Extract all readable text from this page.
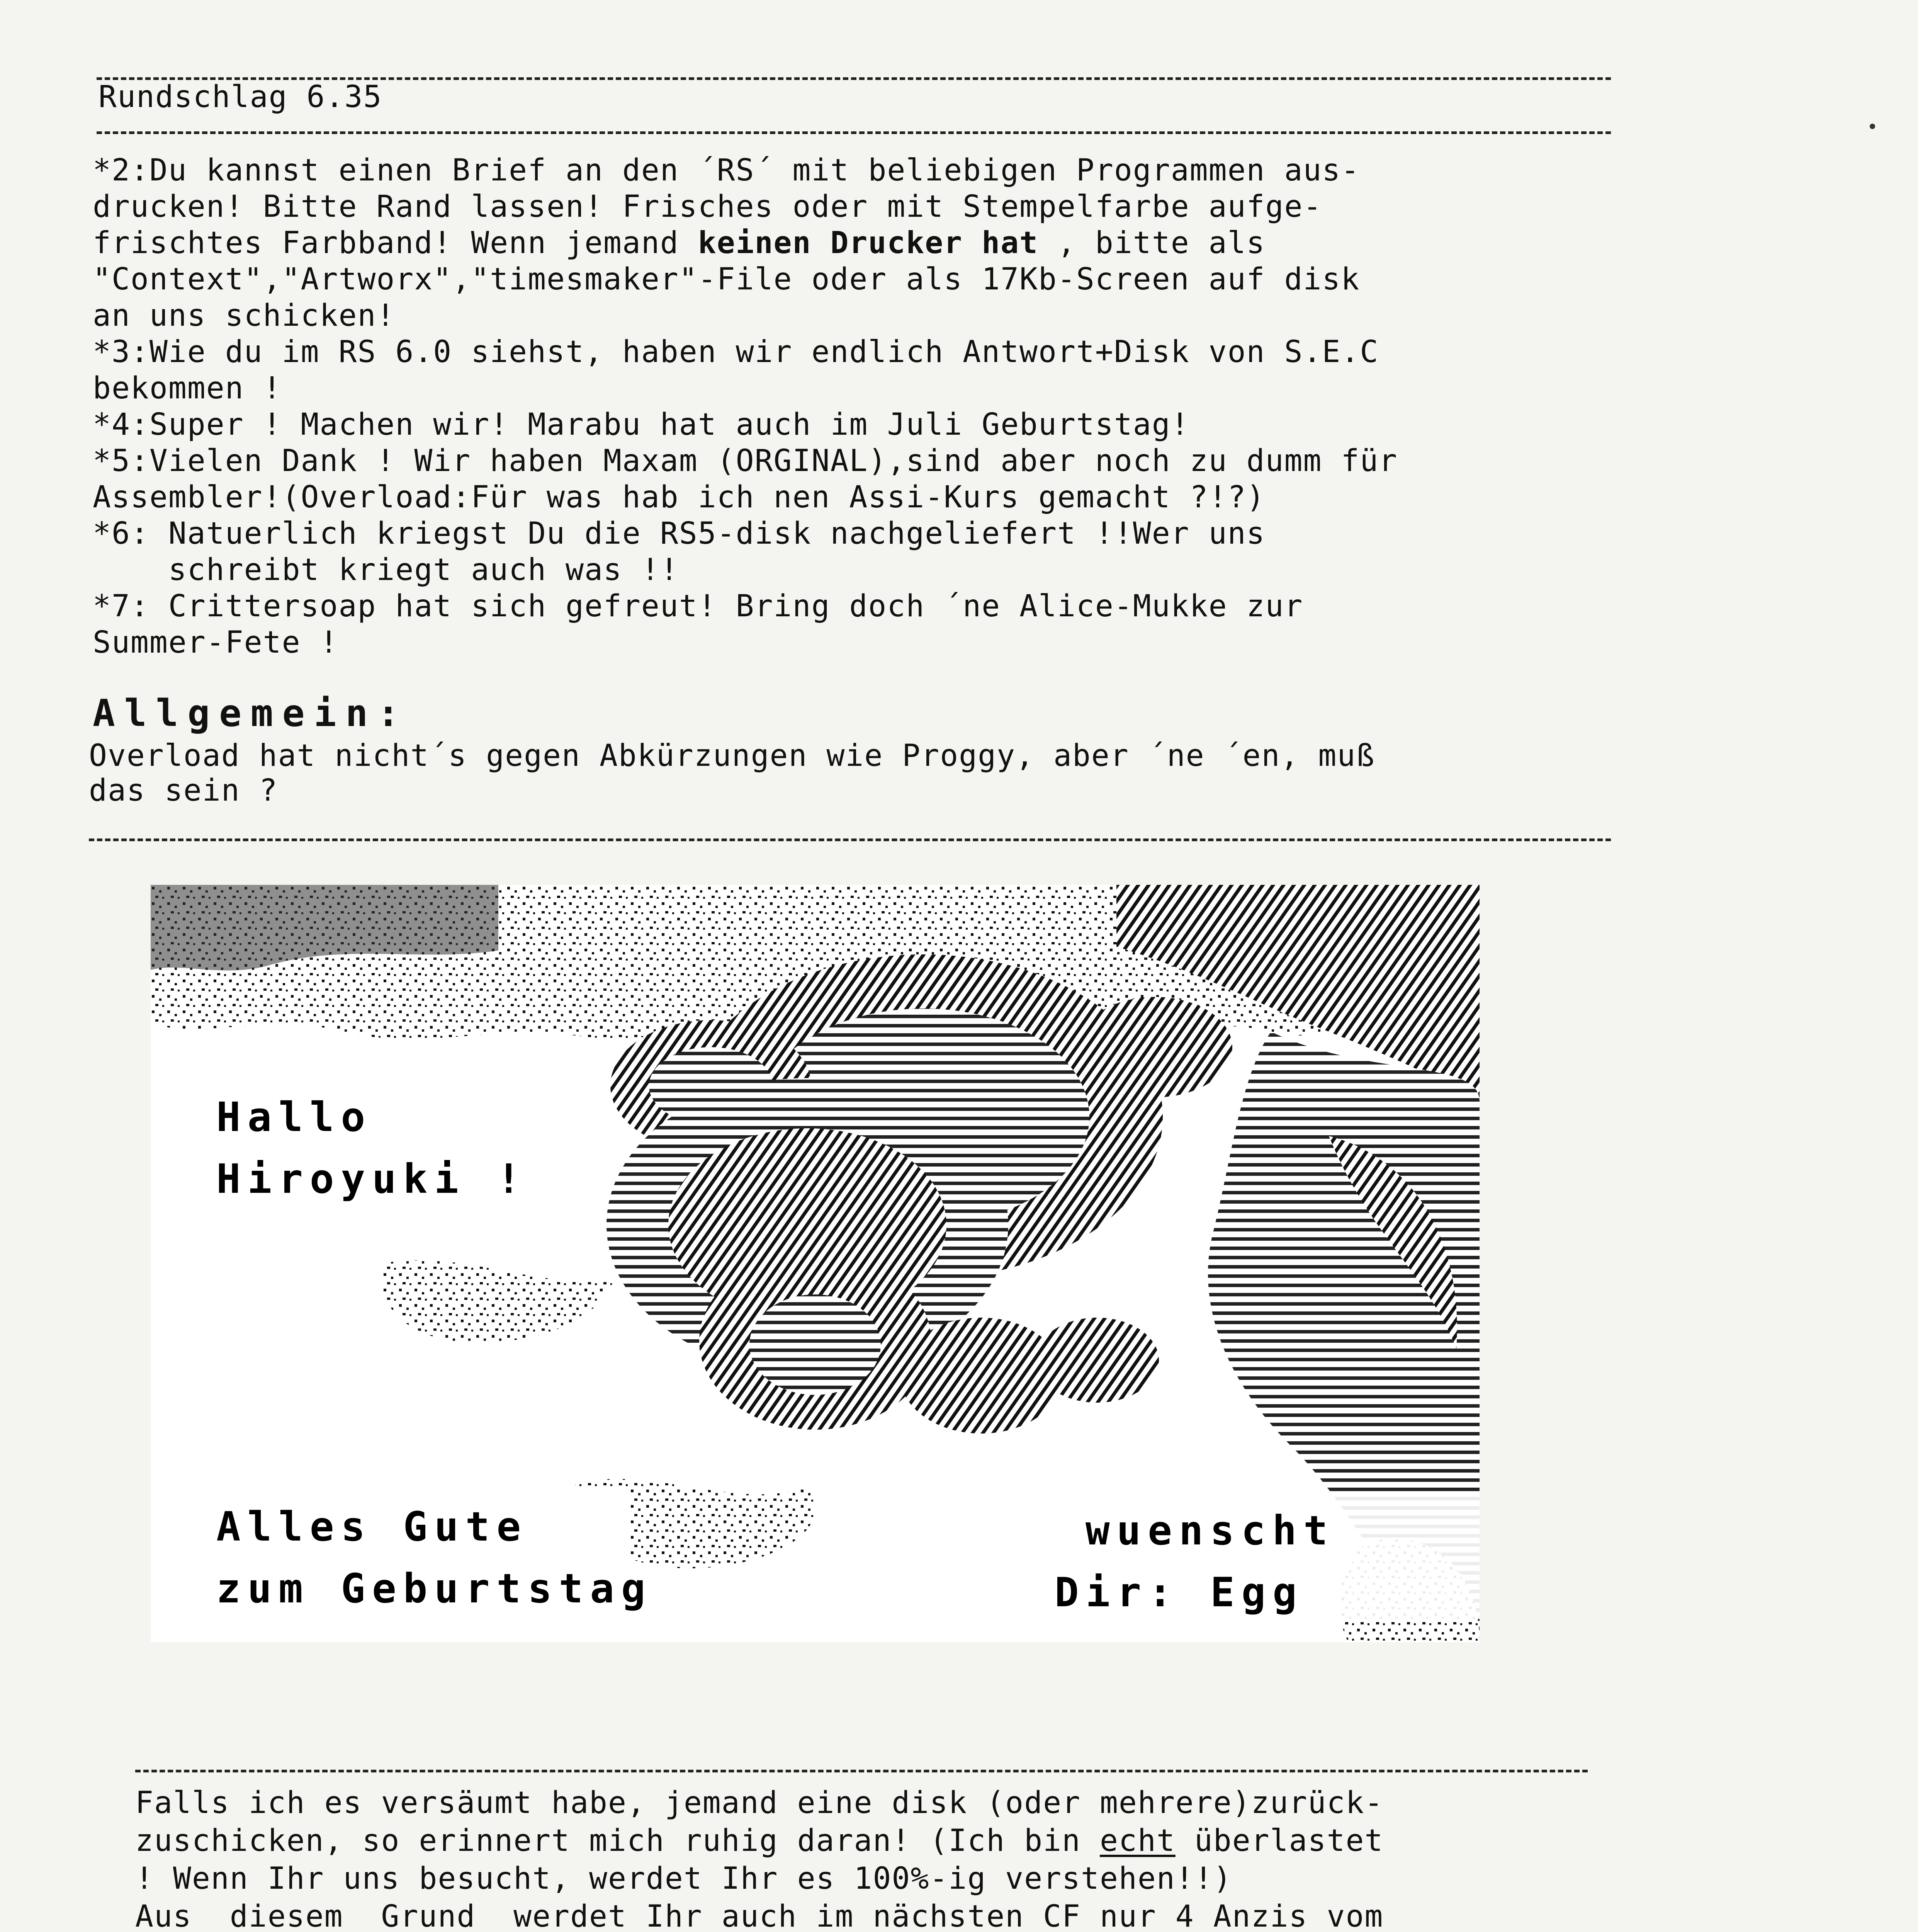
Rundschlag 6.35
*2:Du kannst einen Brief an den ´RS´ mit beliebigen Programmen aus-
drucken! Bitte Rand lassen! Frisches oder mit Stempelfarbe aufge-
frischtes Farbband! Wenn jemand keinen Drucker hat , bitte als
"Context","Artworx","timesmaker"-File oder als 17Kb-Screen auf disk
an uns schicken!
*3:Wie du im RS 6.0 siehst, haben wir endlich Antwort+Disk von S.E.C
bekommen !
*4:Super ! Machen wir! Marabu hat auch im Juli Geburtstag!
*5:Vielen Dank ! Wir haben Maxam (ORGINAL),sind aber noch zu dumm für
Assembler!(Overload:Für was hab ich nen Assi-Kurs gemacht ?!?)
*6: Natuerlich kriegst Du die RS5-disk nachgeliefert !!Wer uns
schreibt kriegt auch was !!
*7: Crittersoap hat sich gefreut! Bring doch ´ne Alice-Mukke zur
Summer-Fete !
Allgemein:
Overload hat nicht´s gegen Abkürzungen wie Proggy, aber ´ne ´en, muß
das sein ?
Hallo
Hiroyuki !
Alles Gute
zum Geburtstag
wuenscht
Dir: Egg
Falls ich es versäumt habe, jemand eine disk (oder mehrere)zurück-
zuschicken, so erinnert mich ruhig daran! (Ich bin echt überlastet
! Wenn Ihr uns besucht, werdet Ihr es 100%-ig verstehen!!)
Aus  diesem  Grund  werdet Ihr auch im nächsten CF nur 4 Anzis vom
